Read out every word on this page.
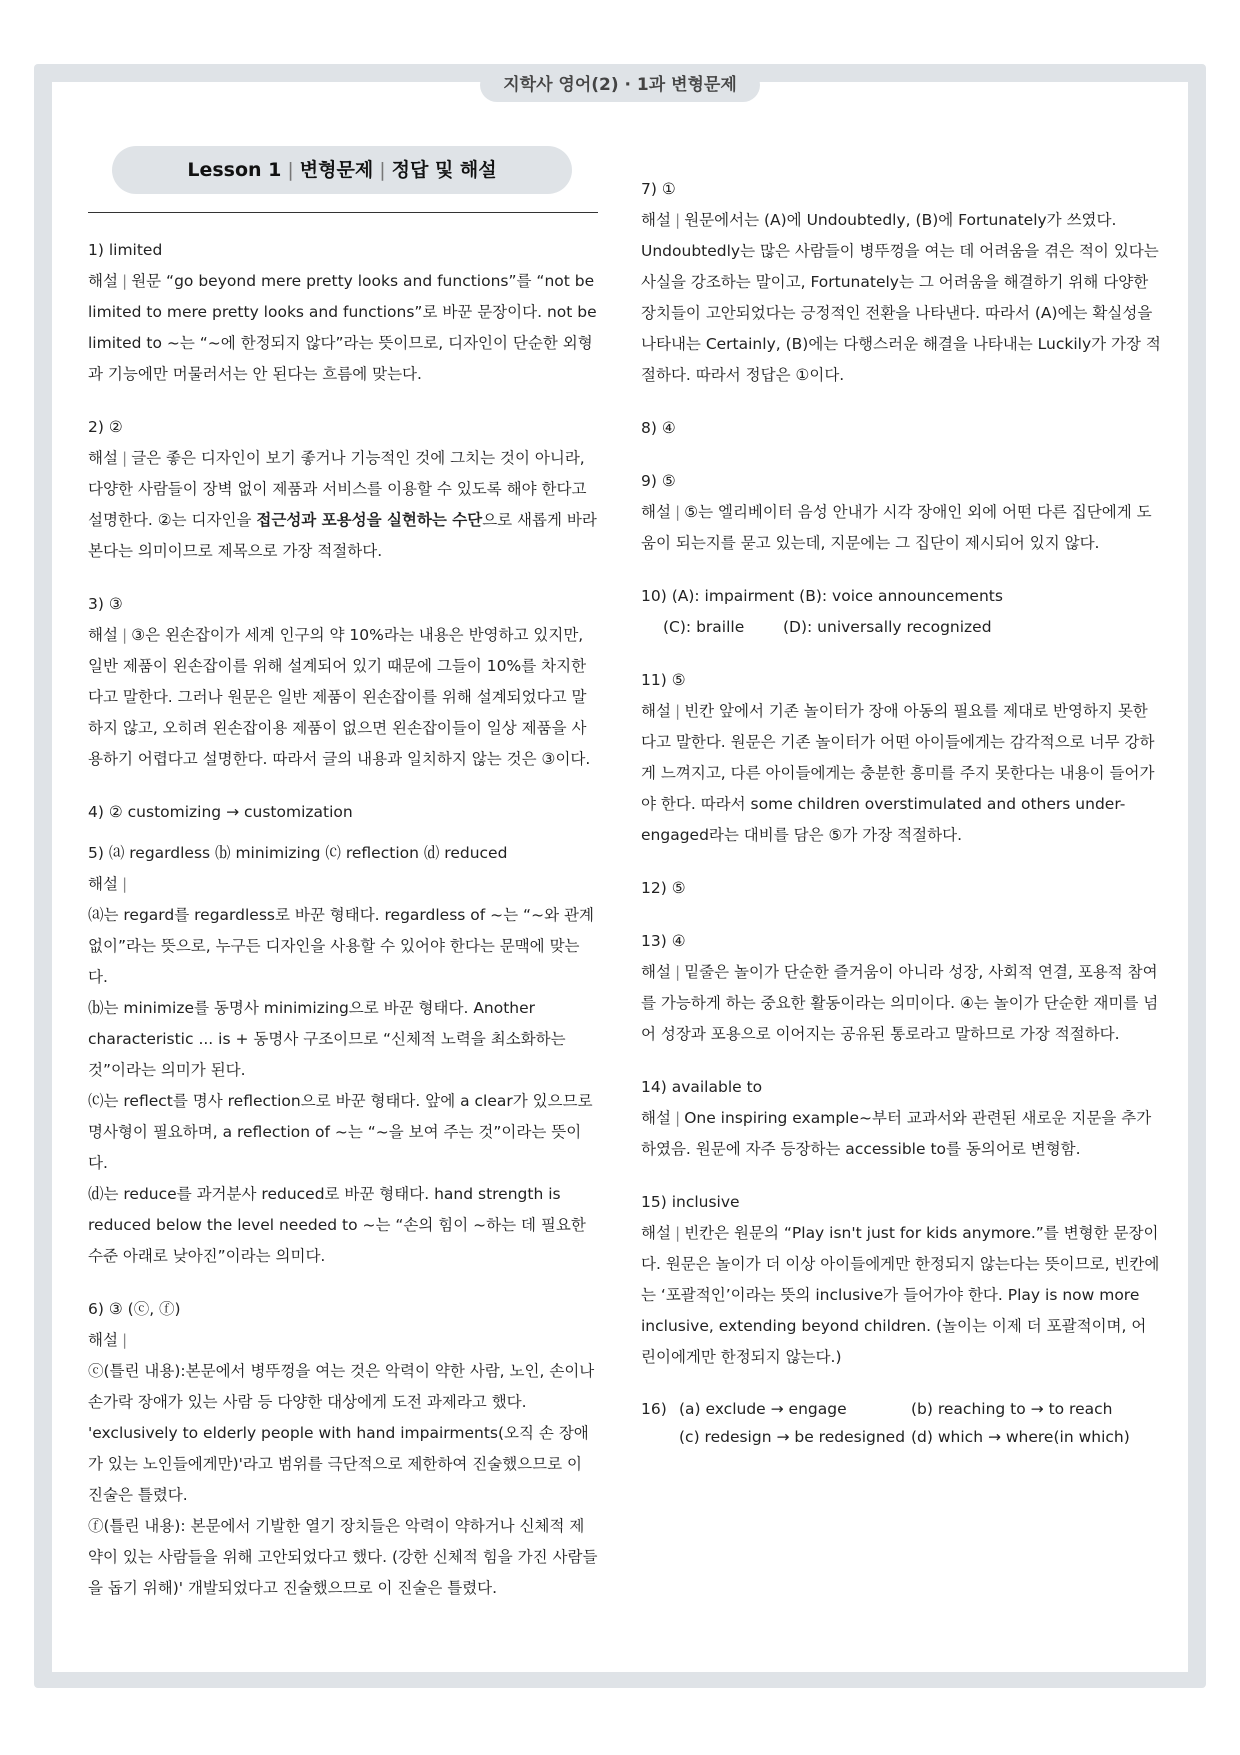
지학사 영어(2) · 1과 변형문제
Lesson 1 | 변형문제 | 정답 및 해설
1) limited
해설 | 원문 “go beyond mere pretty looks and functions”를 “not be limited to mere pretty looks and functions”로 바꾼 문장이다. not be limited to ~는 “~에 한정되지 않다”라는 뜻이므로, 디자인이 단순한 외형과 기능에만 머물러서는 안 된다는 흐름에 맞는다.
2) ②
해설 | 글은 좋은 디자인이 보기 좋거나 기능적인 것에 그치는 것이 아니라, 다양한 사람들이 장벽 없이 제품과 서비스를 이용할 수 있도록 해야 한다고 설명한다. ②는 디자인을 접근성과 포용성을 실현하는 수단으로 새롭게 바라본다는 의미이므로 제목으로 가장 적절하다.
3) ③
해설 | ③은 왼손잡이가 세계 인구의 약 10%라는 내용은 반영하고 있지만, 일반 제품이 왼손잡이를 위해 설계되어 있기 때문에 그들이 10%를 차지한다고 말한다. 그러나 원문은 일반 제품이 왼손잡이를 위해 설계되었다고 말하지 않고, 오히려 왼손잡이용 제품이 없으면 왼손잡이들이 일상 제품을 사용하기 어렵다고 설명한다. 따라서 글의 내용과 일치하지 않는 것은 ③이다.
4) ② customizing → customization
5) ⒜ regardless ⒝ minimizing ⒞ reflection ⒟ reduced
해설 |
⒜는 regard를 regardless로 바꾼 형태다. regardless of ~는 “~와 관계없이”라는 뜻으로, 누구든 디자인을 사용할 수 있어야 한다는 문맥에 맞는다.
⒝는 minimize를 동명사 minimizing으로 바꾼 형태다. Another characteristic ... is + 동명사 구조이므로 “신체적 노력을 최소화하는 것”이라는 의미가 된다.
⒞는 reflect를 명사 reflection으로 바꾼 형태다. 앞에 a clear가 있으므로 명사형이 필요하며, a reflection of ~는 “~을 보여 주는 것”이라는 뜻이다.
⒟는 reduce를 과거분사 reduced로 바꾼 형태다. hand strength is reduced below the level needed to ~는 “손의 힘이 ~하는 데 필요한 수준 아래로 낮아진”이라는 의미다.
6) ③ (ⓒ, ⓕ)
해설 |
ⓒ(틀린 내용):본문에서 병뚜껑을 여는 것은 악력이 약한 사람, 노인, 손이나 손가락 장애가 있는 사람 등 다양한 대상에게 도전 과제라고 했다. 'exclusively to elderly people with hand impairments(오직 손 장애가 있는 노인들에게만)'라고 범위를 극단적으로 제한하여 진술했으므로 이 진술은 틀렸다.
ⓕ(틀린 내용): 본문에서 기발한 열기 장치들은 악력이 약하거나 신체적 제약이 있는 사람들을 위해 고안되었다고 했다. (강한 신체적 힘을 가진 사람들을 돕기 위해)' 개발되었다고 진술했으므로 이 진술은 틀렸다.
7) ①
해설 | 원문에서는 (A)에 Undoubtedly, (B)에 Fortunately가 쓰였다. Undoubtedly는 많은 사람들이 병뚜껑을 여는 데 어려움을 겪은 적이 있다는 사실을 강조하는 말이고, Fortunately는 그 어려움을 해결하기 위해 다양한 장치들이 고안되었다는 긍정적인 전환을 나타낸다. 따라서 (A)에는 확실성을 나타내는 Certainly, (B)에는 다행스러운 해결을 나타내는 Luckily가 가장 적절하다. 따라서 정답은 ①이다.
8) ④
9) ⑤
해설 | ⑤는 엘리베이터 음성 안내가 시각 장애인 외에 어떤 다른 집단에게 도움이 되는지를 묻고 있는데, 지문에는 그 집단이 제시되어 있지 않다.
10) (A): impairment (B): voice announcements
(C): braille	(D): universally recognized
11) ⑤
해설 | 빈칸 앞에서 기존 놀이터가 장애 아동의 필요를 제대로 반영하지 못한다고 말한다. 원문은 기존 놀이터가 어떤 아이들에게는 감각적으로 너무 강하게 느껴지고, 다른 아이들에게는 충분한 흥미를 주지 못한다는 내용이 들어가야 한다. 따라서 some children overstimulated and others under-engaged라는 대비를 담은 ⑤가 가장 적절하다.
12) ⑤
13) ④
해설 | 밑줄은 놀이가 단순한 즐거움이 아니라 성장, 사회적 연결, 포용적 참여를 가능하게 하는 중요한 활동이라는 의미이다. ④는 놀이가 단순한 재미를 넘어 성장과 포용으로 이어지는 공유된 통로라고 말하므로 가장 적절하다.
14) available to
해설 | One inspiring example~부터 교과서와 관련된 새로운 지문을 추가하였음. 원문에 자주 등장하는 accessible to를 동의어로 변형함.
15) inclusive
해설 | 빈칸은 원문의 “Play isn't just for kids anymore.”를 변형한 문장이다. 원문은 놀이가 더 이상 아이들에게만 한정되지 않는다는 뜻이므로, 빈칸에는 ‘포괄적인’이라는 뜻의 inclusive가 들어가야 한다. Play is now more inclusive, extending beyond children. (놀이는 이제 더 포괄적이며, 어린이에게만 한정되지 않는다.)
16) (a) exclude → engage	(b) reaching to → to reach
(c) redesign → be redesigned (d) which → where(in which)
